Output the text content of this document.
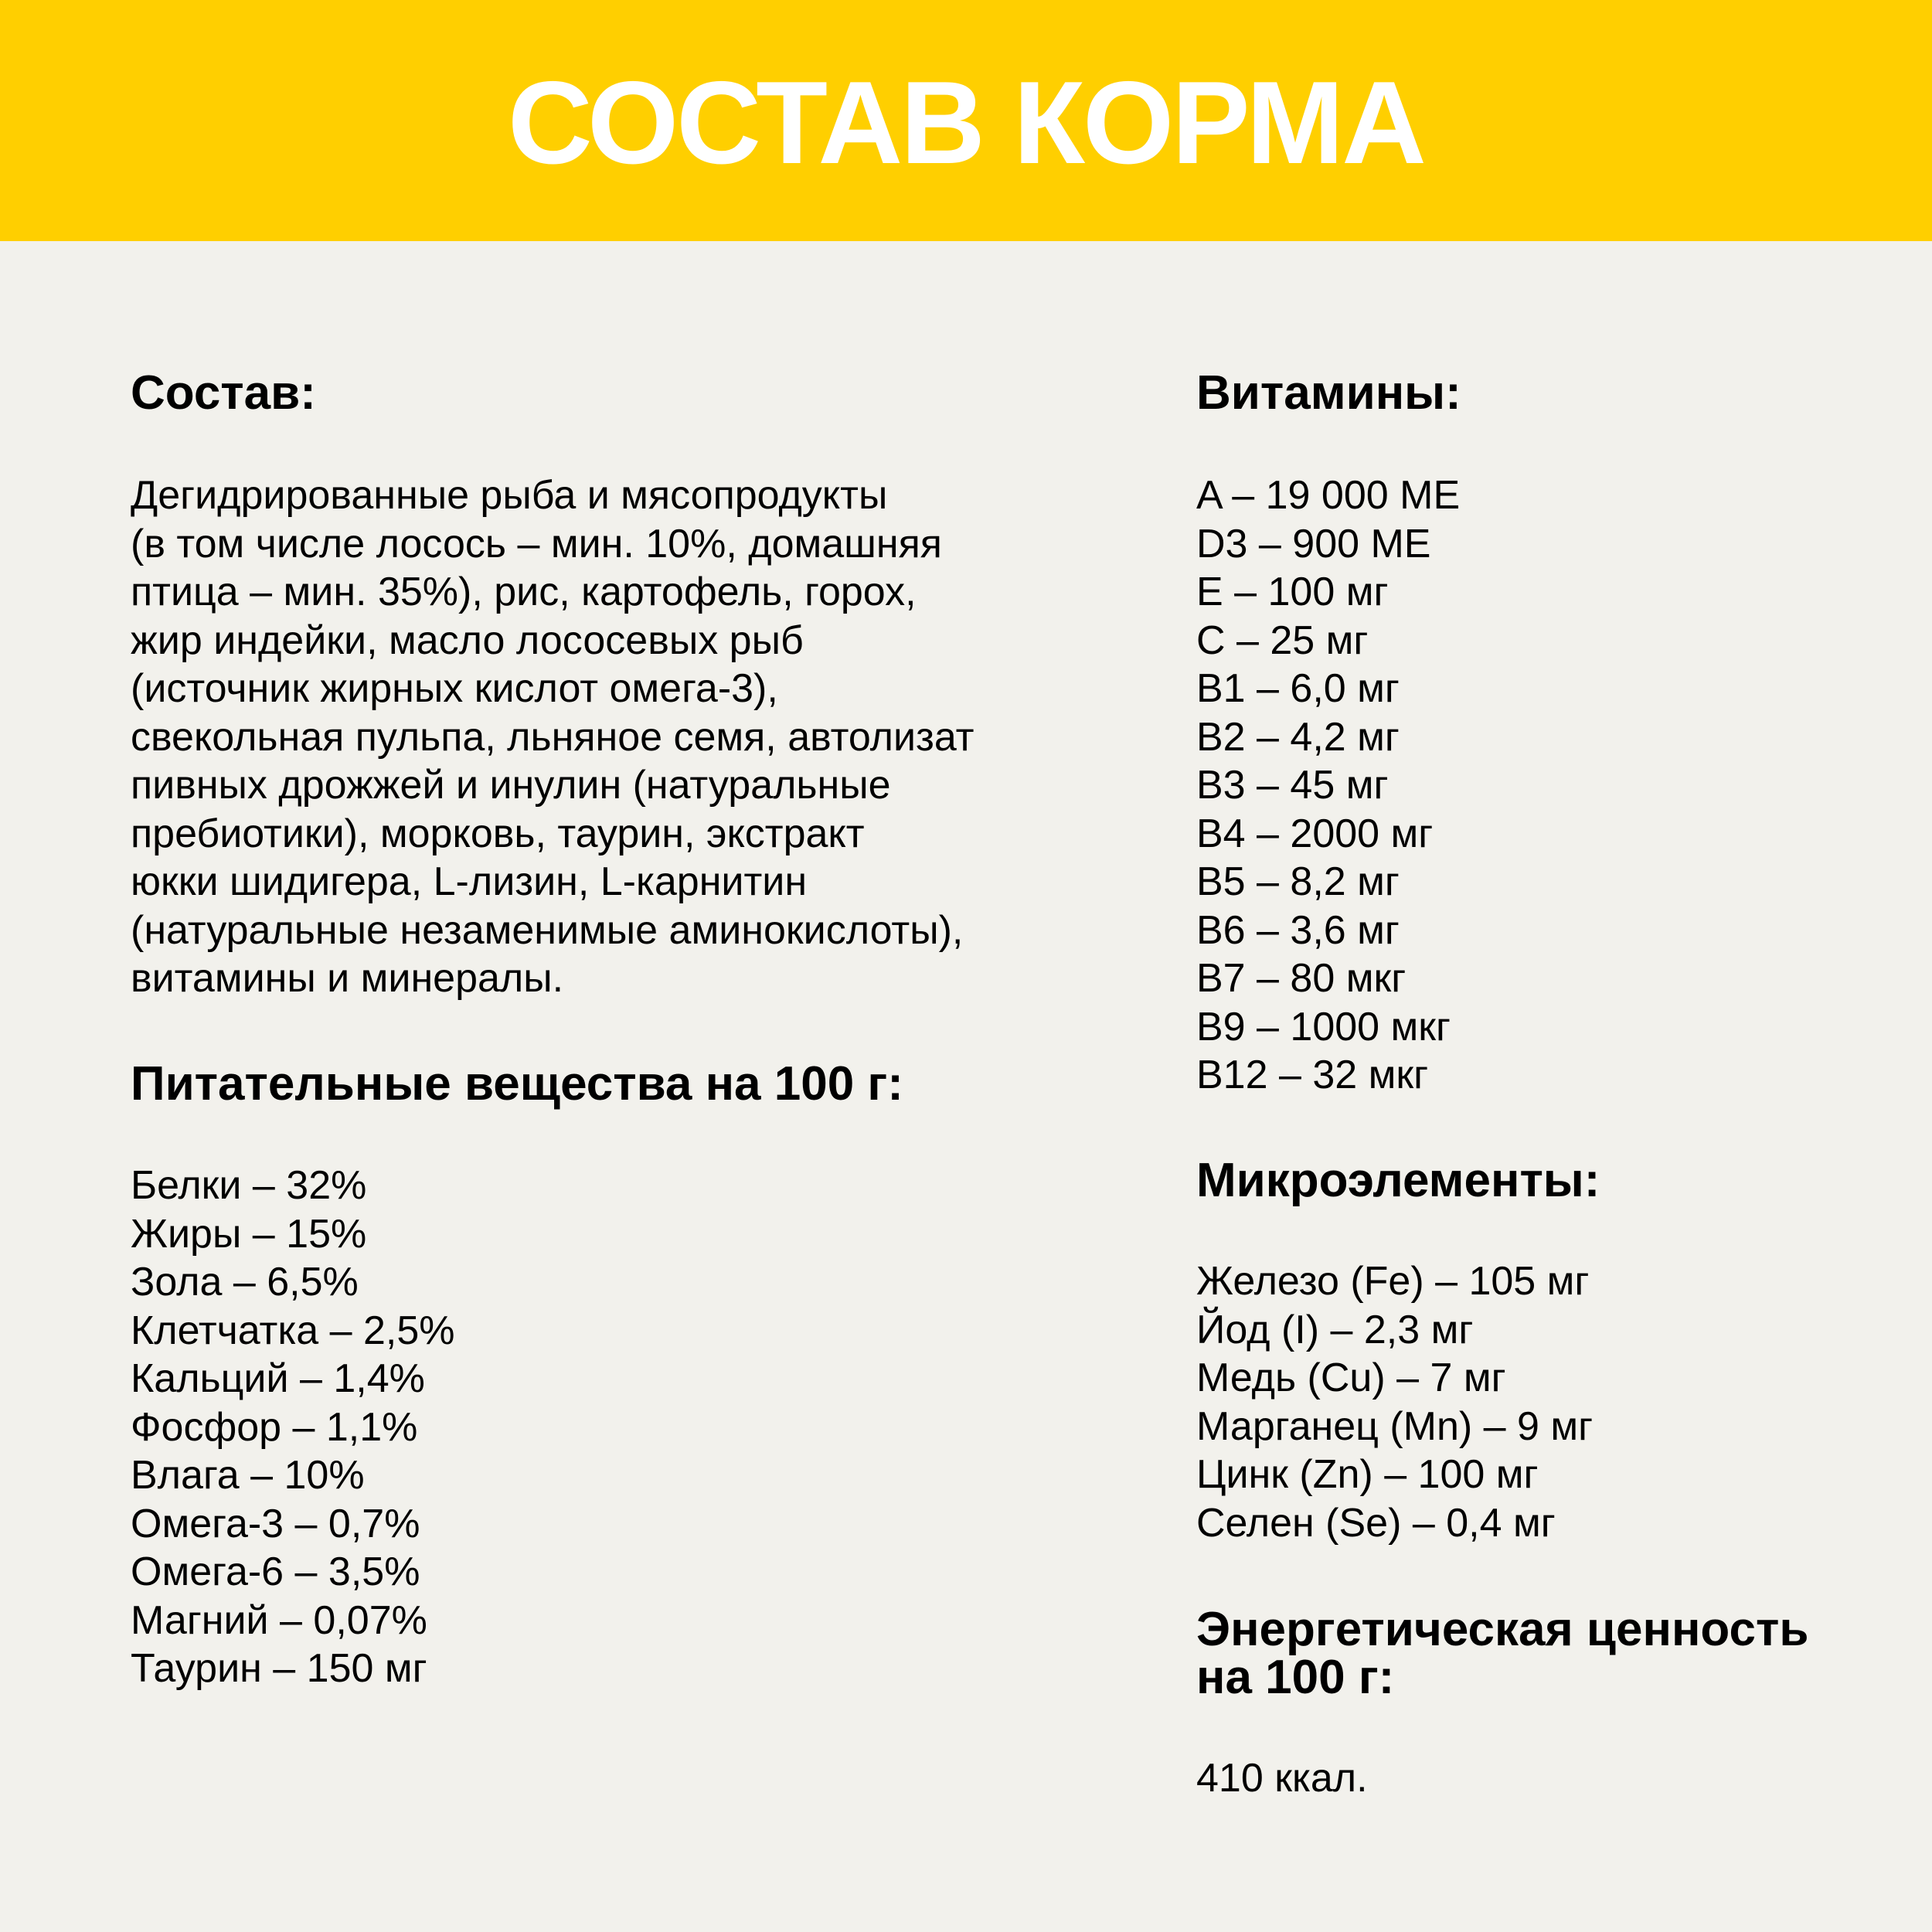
СОСТАВ КОРМА
Состав:
Дегидрированные рыба и мясопродукты
(в том числе лосось – мин. 10%, домашняя
птица – мин. 35%), рис, картофель, горох,
жир индейки, масло лососевых рыб
(источник жирных кислот омега-3),
свекольная пульпа, льняное семя, автолизат
пивных дрожжей и инулин (натуральные
пребиотики), морковь, таурин, экстракт
юкки шидигера, L-лизин, L-карнитин
(натуральные незаменимые аминокислоты),
витамины и минералы.
Питательные вещества на 100 г:
Белки – 32%
Жиры – 15%
Зола – 6,5%
Клетчатка – 2,5%
Кальций – 1,4%
Фосфор – 1,1%
Влага – 10%
Омега-3 – 0,7%
Омега-6 – 3,5%
Магний – 0,07%
Таурин – 150 мг
Витамины:
A – 19 000 МЕ
D3 – 900 МЕ
E – 100 мг
C – 25 мг
B1 – 6,0 мг
B2 – 4,2 мг
B3 – 45 мг
B4 – 2000 мг
B5 – 8,2 мг
B6 – 3,6 мг
B7 – 80 мкг
B9 – 1000 мкг
B12 – 32 мкг
Микроэлементы:
Железо (Fe) – 105 мг
Йод (I) – 2,3 мг
Медь (Cu) – 7 мг
Марганец (Mn) – 9 мг
Цинк (Zn) – 100 мг
Селен (Se) – 0,4 мг
Энергетическая ценность
на 100 г:
410 ккал.
